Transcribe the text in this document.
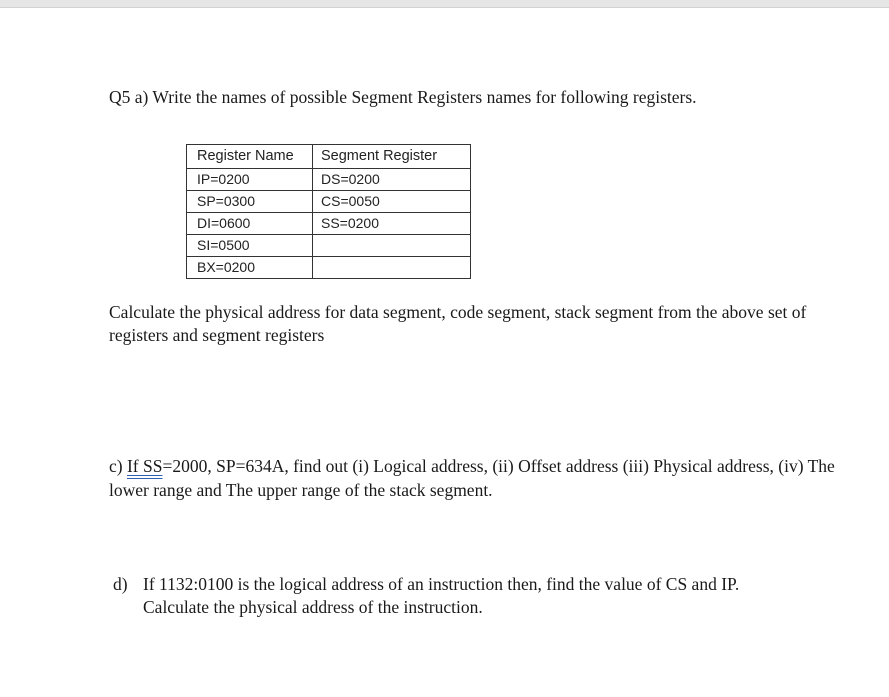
Q5 a) Write the names of possible Segment Registers names for following registers.
Register Name	Segment Register
IP=0200	DS=0200
SP=0300	CS=0050
DI=0600	SS=0200
SI=0500	
BX=0200	
Calculate the physical address for data segment, code segment, stack segment from the above set of registers and segment registers
c) If SS=2000, SP=634A, find out (i) Logical address, (ii) Offset address (iii) Physical address, (iv) The lower range and The upper range of the stack segment.
d) If 1132:0100 is the logical address of an instruction then, find the value of CS and IP.
Calculate the physical address of the instruction.
